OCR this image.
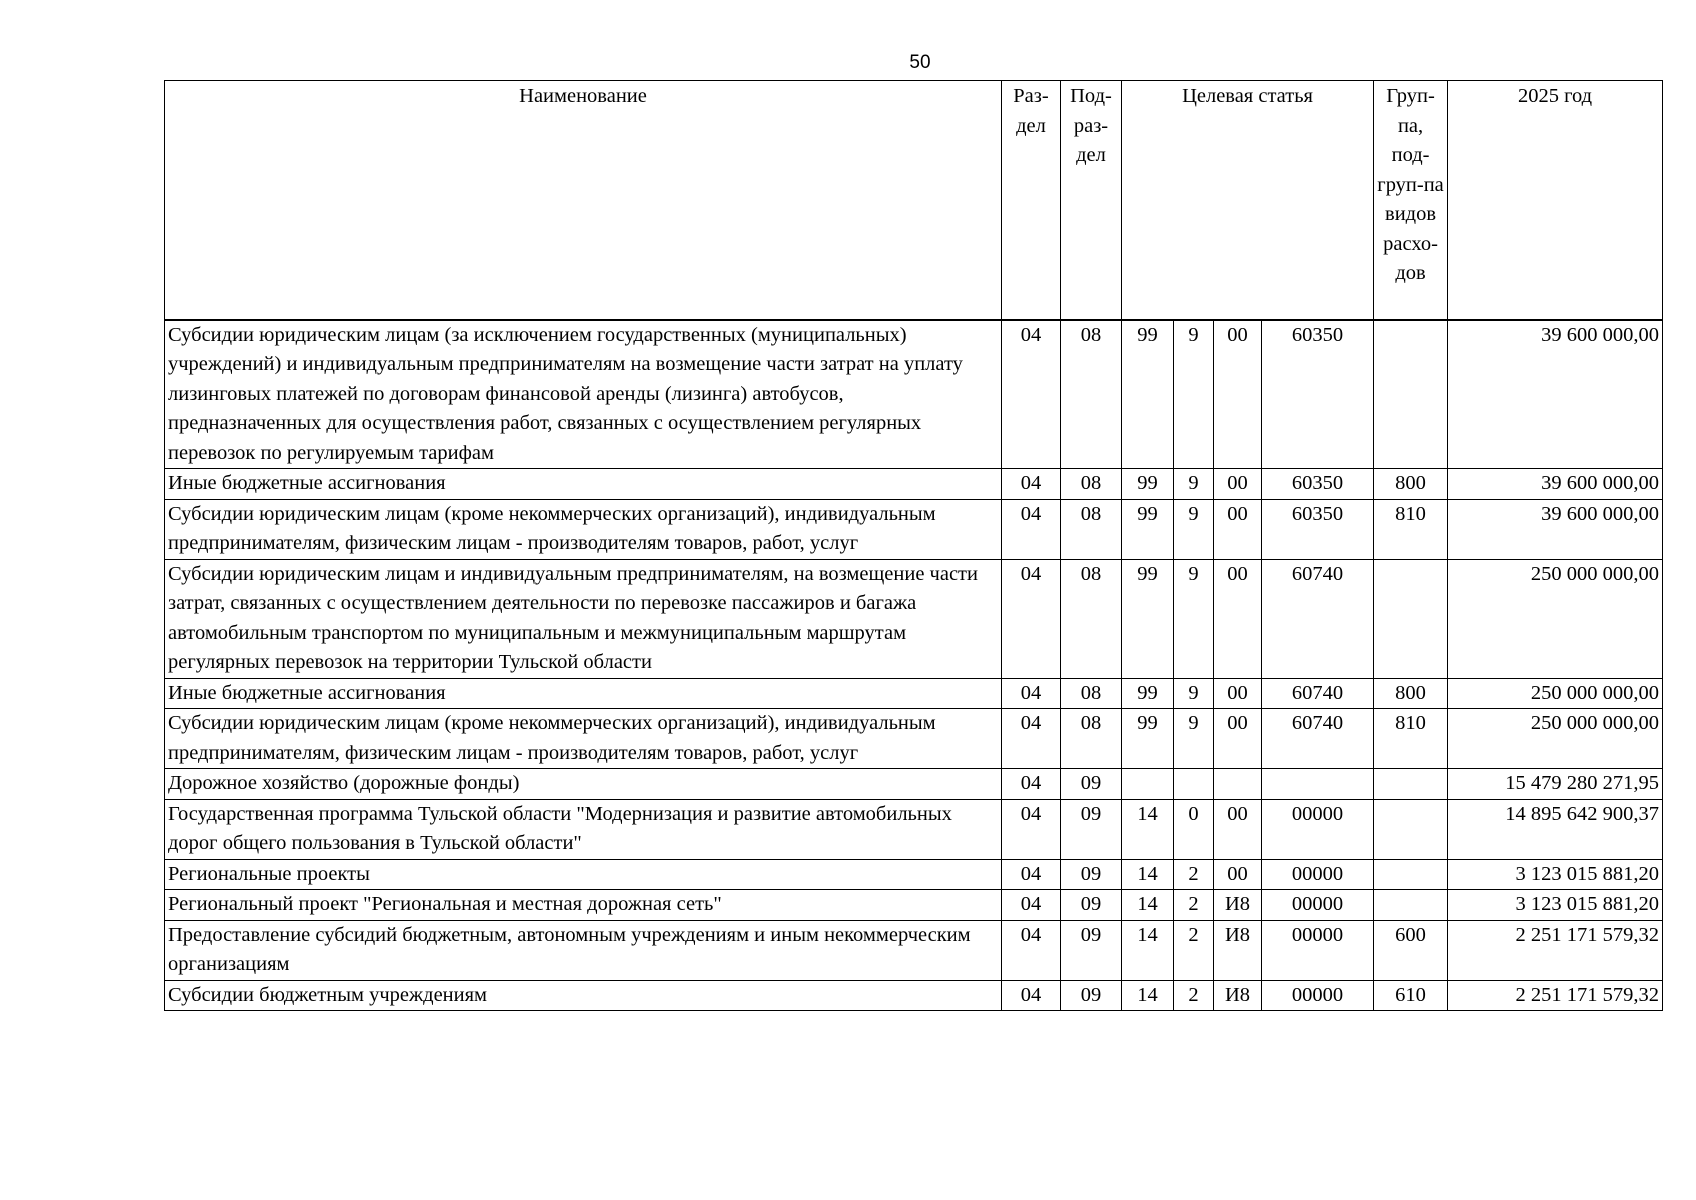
50
Наименование	Раз-дел	Под-раз-дел	Целевая статья				Груп-па, под-груп-па видов расхо-дов	2025 год
Субсидии юридическим лицам (за исключением государственных (муниципальных) учреждений) и индивидуальным предпринимателям на возмещение части затрат на уплату лизинговых платежей по договорам финансовой аренды (лизинга) автобусов, предназначенных для осуществления работ, связанных с осуществлением регулярных перевозок по регулируемым тарифам	04	08	99	9	00	60350		39 600 000,00
Иные бюджетные ассигнования	04	08	99	9	00	60350	800	39 600 000,00
Субсидии юридическим лицам (кроме некоммерческих организаций), индивидуальным предпринимателям, физическим лицам - производителям товаров, работ, услуг	04	08	99	9	00	60350	810	39 600 000,00
Субсидии юридическим лицам и индивидуальным предпринимателям, на возмещение части затрат, связанных с осуществлением деятельности по перевозке пассажиров и багажа автомобильным транспортом по муниципальным и межмуниципальным маршрутам регулярных перевозок на территории Тульской области	04	08	99	9	00	60740		250 000 000,00
Иные бюджетные ассигнования	04	08	99	9	00	60740	800	250 000 000,00
Субсидии юридическим лицам (кроме некоммерческих организаций), индивидуальным предпринимателям, физическим лицам - производителям товаров, работ, услуг	04	08	99	9	00	60740	810	250 000 000,00
Дорожное хозяйство (дорожные фонды)	04	09						15 479 280 271,95
Государственная программа Тульской области "Модернизация и развитие автомобильных дорог общего пользования в Тульской области"	04	09	14	0	00	00000		14 895 642 900,37
Региональные проекты	04	09	14	2	00	00000		3 123 015 881,20
Региональный проект "Региональная и местная дорожная сеть"	04	09	14	2	И8	00000		3 123 015 881,20
Предоставление субсидий бюджетным, автономным учреждениям и иным некоммерческим организациям	04	09	14	2	И8	00000	600	2 251 171 579,32
Субсидии бюджетным учреждениям	04	09	14	2	И8	00000	610	2 251 171 579,32
